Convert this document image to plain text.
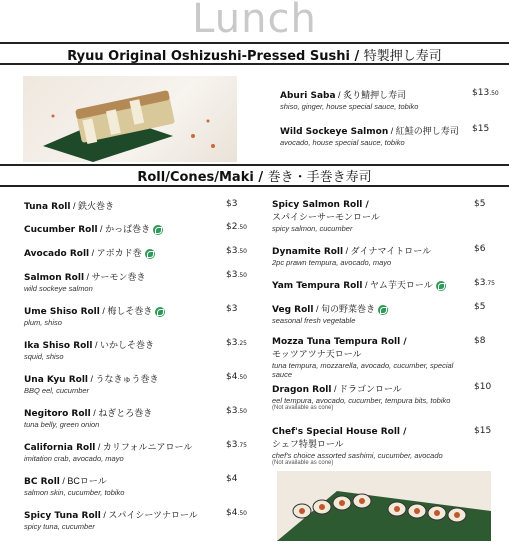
Lunch
Ryuu Original Oshizushi-Pressed Sushi / 特製押し寿司
Aburi Saba / 炙り鯖押し寿司
shiso, ginger, house special sauce, tobiko
$13.50
Wild Sockeye Salmon / 紅鮭の押し寿司
avocado, house special sauce, tobiko
$15
Roll/Cones/Maki / 巻き・手巻き寿司
Tuna Roll / 鉄火巻き	$3
Cucumber Roll / かっぱ巻き	$2.50
Avocado Roll / アボカド巻	$3.50
Salmon Roll / サーモン巻き
wild sockeye salmon
$3.50
Ume Shiso Roll / 梅しそ巻き
plum, shiso
$3
Ika Shiso Roll / いかしそ巻き
squid, shiso
$3.25
Una Kyu Roll / うなきゅう巻き
BBQ eel, cucumber
$4.50
Negitoro Roll / ねぎとろ巻き
tuna belly, green onion
$3.50
California Roll / カリフォルニアロール
imitation crab, avocado, mayo
$3.75
BC Roll / BCロール
salmon skin, cucumber, tobiko
$4
Spicy Tuna Roll / スパイシーツナロール
spicy tuna, cucumber
$4.50
Spicy Salmon Roll /
スパイシーサーモンロール
spicy salmon, cucumber
$5
Dynamite Roll / ダイナマイトロール
2pc prawn tempura, avocado, mayo
$6
Yam Tempura Roll / ヤム芋天ロール	$3.75
Veg Roll / 旬の野菜巻き
seasonal fresh vegetable
$5
Mozza Tuna Tempura Roll /
モッツアツナ天ロール
tuna tempura, mozzarella, avocado, cucumber, special sauce
$8
Dragon Roll / ドラゴンロール
eel tempura, avocado, cucumber, tempura bits, tobiko
(Not available as cone)
$10
Chef's Special House Roll /
シェフ特製ロール
chef's choice assorted sashimi, cucumber, avocado
(Not available as cone)
$15
